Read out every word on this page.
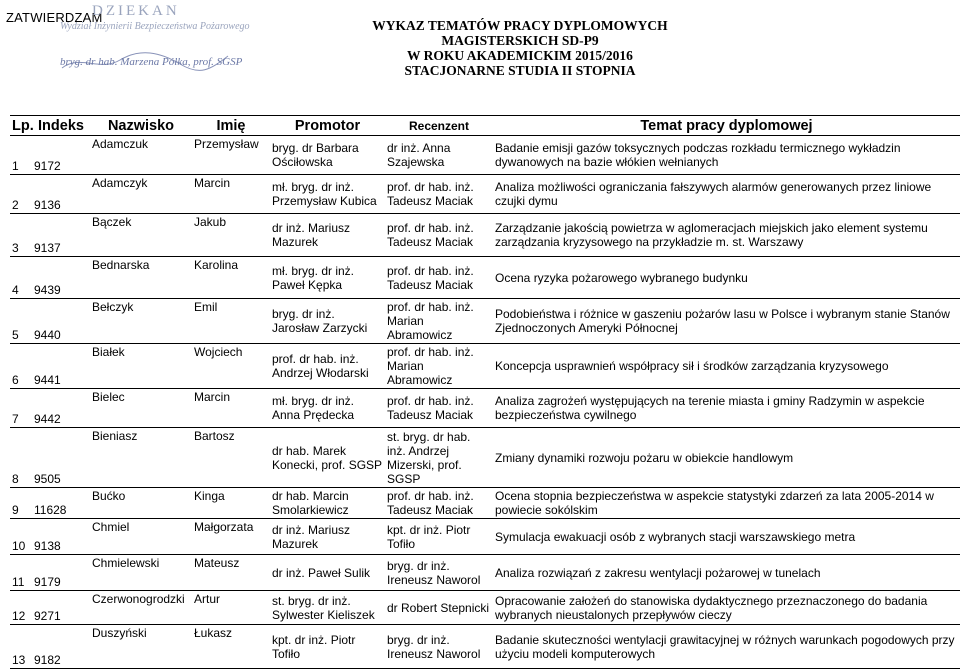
ZATWIERDZAM
DZIEKAN
Wydział Inżynierii Bezpieczeństwa Pożarowego
bryg. dr hab. Marzena Półka, prof. SGSP
WYKAZ TEMATÓW PRACY DYPLOMOWYCH
MAGISTERSKICH SD-P9
W ROKU AKADEMICKIM 2015/2016
STACJONARNE STUDIA II STOPNIA
Lp.	Indeks	Nazwisko	Imię	Promotor	Recenzent	Temat pracy dyplomowej
1	9172	Adamczuk	Przemysław	bryg. dr Barbara Ościłowska	dr inż. Anna Szajewska	Badanie emisji gazów toksycznych podczas rozkładu termicznego wykładzin dywanowych na bazie włókien wełnianych
2	9136	Adamczyk	Marcin	mł. bryg. dr inż. Przemysław Kubica	prof. dr hab. inż. Tadeusz Maciak	Analiza możliwości ograniczania fałszywych alarmów generowanych przez liniowe czujki dymu
3	9137	Bączek	Jakub	dr inż. Mariusz Mazurek	prof. dr hab. inż. Tadeusz Maciak	Zarządzanie jakością powietrza w aglomeracjach miejskich jako element systemu zarządzania kryzysowego na przykładzie m. st. Warszawy
4	9439	Bednarska	Karolina	mł. bryg. dr inż. Paweł Kępka	prof. dr hab. inż. Tadeusz Maciak	Ocena ryzyka pożarowego wybranego budynku
5	9440	Bełczyk	Emil	bryg. dr inż. Jarosław Zarzycki	prof. dr hab. inż. Marian Abramowicz	Podobieństwa i różnice w gaszeniu pożarów lasu w Polsce i wybranym stanie Stanów Zjednoczonych Ameryki Północnej
6	9441	Białek	Wojciech	prof. dr hab. inż. Andrzej Włodarski	prof. dr hab. inż. Marian Abramowicz	Koncepcja usprawnień współpracy sił i środków zarządzania kryzysowego
7	9442	Bielec	Marcin	mł. bryg. dr inż. Anna Prędecka	prof. dr hab. inż. Tadeusz Maciak	Analiza zagrożeń występujących na terenie miasta i gminy Radzymin w aspekcie bezpieczeństwa cywilnego
8	9505	Bieniasz	Bartosz	dr hab. Marek Konecki, prof. SGSP	st. bryg. dr hab. inż. Andrzej Mizerski, prof. SGSP	Zmiany dynamiki rozwoju pożaru w obiekcie handlowym
9	11628	Bućko	Kinga	dr hab. Marcin Smolarkiewicz	prof. dr hab. inż. Tadeusz Maciak	Ocena stopnia bezpieczeństwa w aspekcie statystyki zdarzeń za lata 2005-2014 w powiecie sokólskim
10	9138	Chmiel	Małgorzata	dr inż. Mariusz Mazurek	kpt. dr inż. Piotr Tofiło	Symulacja ewakuacji osób z wybranych stacji warszawskiego metra
11	9179	Chmielewski	Mateusz	dr inż. Paweł Sulik	bryg. dr inż. Ireneusz Naworol	Analiza rozwiązań z zakresu wentylacji pożarowej w tunelach
12	9271	Czerwonogrodzki	Artur	st. bryg. dr inż. Sylwester Kieliszek	dr Robert Stepnicki	Opracowanie założeń do stanowiska dydaktycznego przeznaczonego do badania wybranych nieustalonych przepływów cieczy
13	9182	Duszyński	Łukasz	kpt. dr inż. Piotr Tofiło	bryg. dr inż. Ireneusz Naworol	Badanie skuteczności wentylacji grawitacyjnej w różnych warunkach pogodowych przy użyciu modeli komputerowych
